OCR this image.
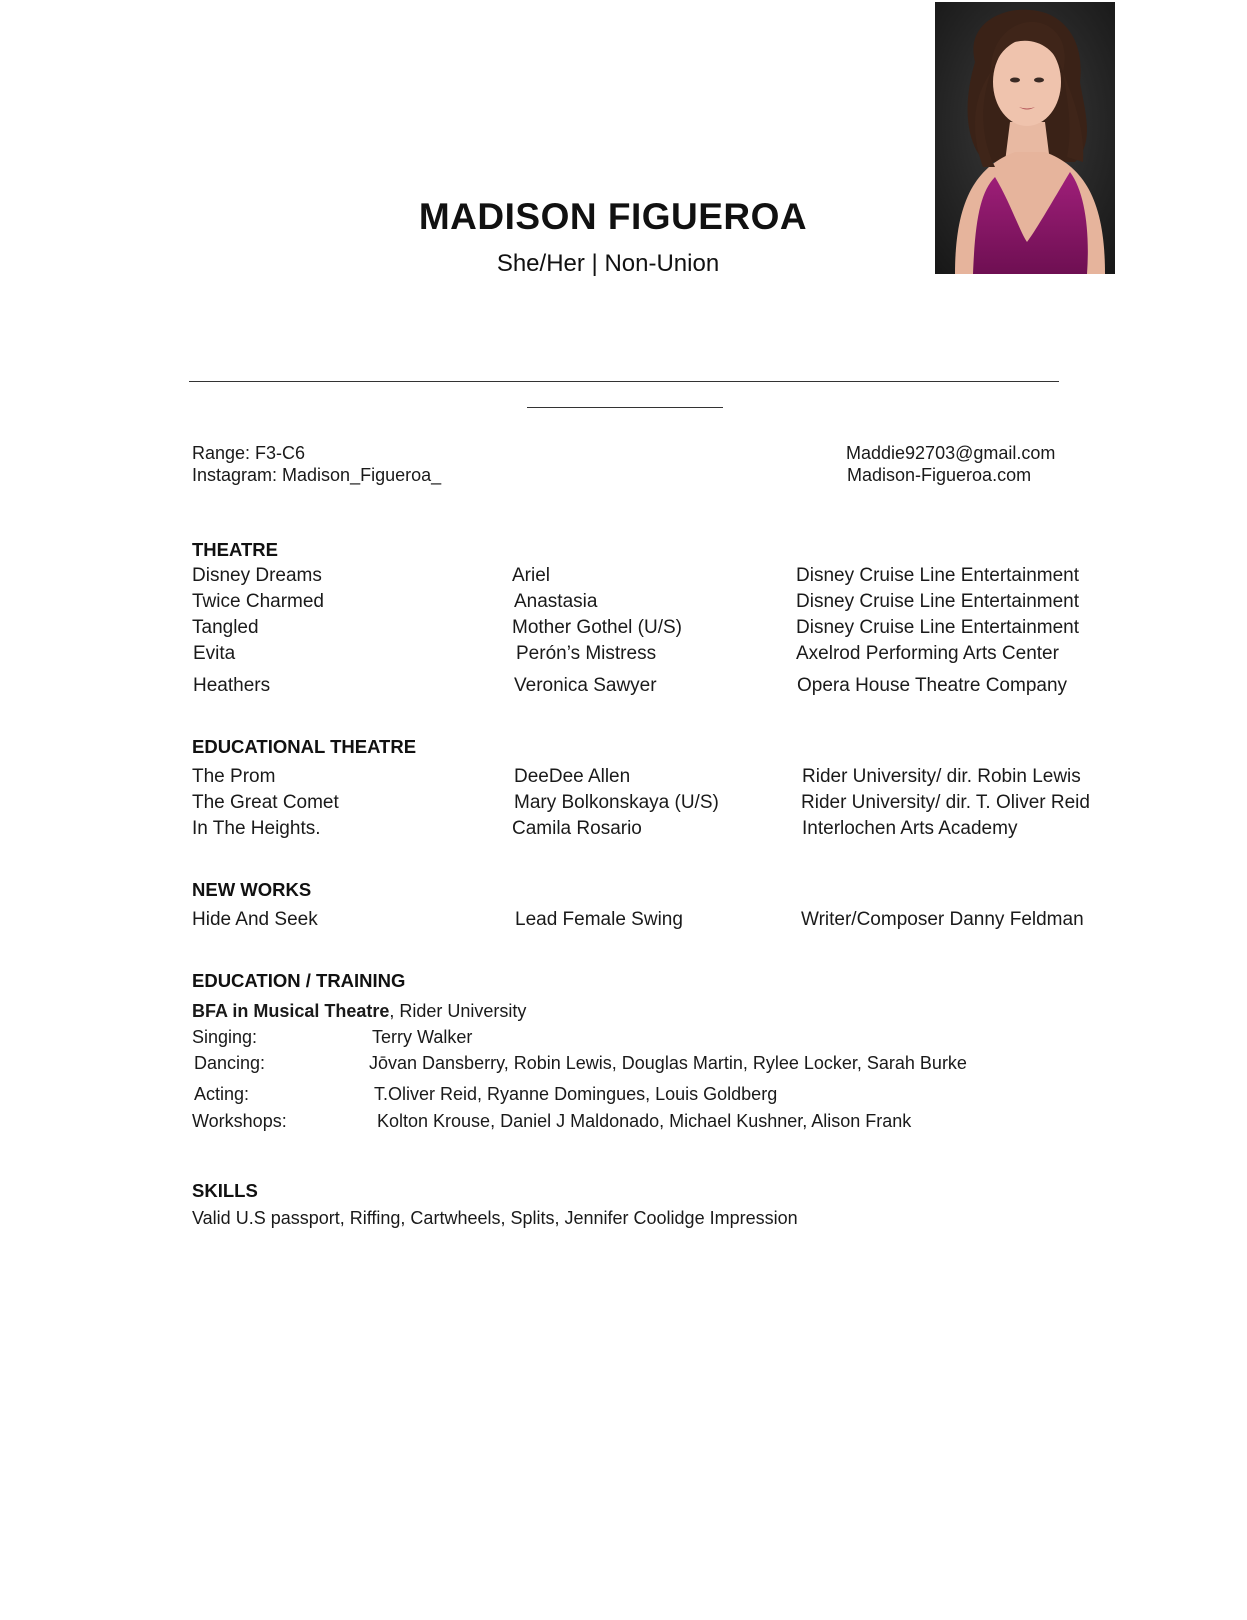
MADISON FIGUEROA
She/Her | Non-Union
Range: F3-C6
Instagram: Madison_Figueroa_
Maddie92703@gmail.com
Madison-Figueroa.com
THEATRE
Disney Dreams	Ariel	Disney Cruise Line Entertainment
Twice Charmed	Anastasia	Disney Cruise Line Entertainment
Tangled	Mother Gothel (U/S)	Disney Cruise Line Entertainment
Evita	Perón’s Mistress	Axelrod Performing Arts Center
Heathers	Veronica Sawyer	Opera House Theatre Company
EDUCATIONAL THEATRE
The Prom	DeeDee Allen	Rider University/ dir. Robin Lewis
The Great Comet	Mary Bolkonskaya (U/S)	Rider University/ dir. T. Oliver Reid
In The Heights.	Camila Rosario	Interlochen Arts Academy
NEW WORKS
Hide And Seek	Lead Female Swing	Writer/Composer Danny Feldman
EDUCATION / TRAINING
BFA in Musical Theatre, Rider University
Singing:	Terry Walker
Dancing:	Jōvan Dansberry, Robin Lewis, Douglas Martin, Rylee Locker, Sarah Burke
Acting:	T.Oliver Reid, Ryanne Domingues, Louis Goldberg
Workshops:	Kolton Krouse, Daniel J Maldonado, Michael Kushner, Alison Frank
SKILLS
Valid U.S passport, Riffing, Cartwheels, Splits, Jennifer Coolidge Impression
